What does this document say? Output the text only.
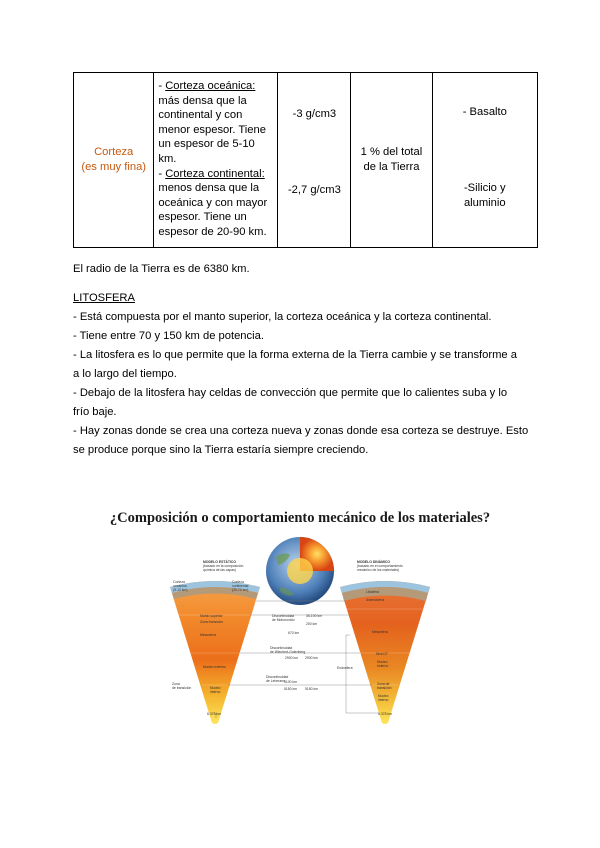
Corteza
(es muy fina)

- Corteza oceánica:
más densa que la
continental y con
menor espesor. Tiene
un espesor de 5-10
km.
- Corteza continental:
menos densa que la
oceánica y con mayor
espesor. Tiene un
espesor de 20-90 km.

-3 g/cm3
-2,7 g/cm3

1 % del total
de la Tierra

- Basalto
-Silicio y
aluminio
El radio de la Tierra es de 6380 km.
LITOSFERA
- Está compuesta por el manto superior, la corteza oceánica y la corteza continental.
- Tiene entre 70 y 150 km de potencia.
- La litosfera es lo que permite que la forma externa de la Tierra cambie y se transforme a
a lo largo del tiempo.
- Debajo de la litosfera hay celdas de convección que permite que lo calientes suba y lo
frío baje.
- Hay zonas donde se crea una corteza nueva y zonas donde esa corteza se destruye. Esto
se produce porque sino la Tierra estaría siempre creciendo.
¿Composición o comportamiento mecánico de los materiales?
MODELO ESTÁTICO
(basado en la composición
química de las capas)
MODELO DINÁMICO
(basado en el comportamiento
mecánico de los materiales)
Corteza
oceánica
(5-10 km)
Corteza
continental
(20-70 km)
Manto superior
Zona transición
Mesosfera
Núcleo externo
Núcleo
interno
Zona
de transición
Litosfera
Astenosfera
Mesosfera
Nivel D''
Núcleo
externo
Zona de
transición
Núcleo
interno
Endosfera
Discontinuidad
de Mohorovicic
35-100 km
200 km
670 km
Discontinuidad
de Wiechert-Gutenberg
2900 km 2900 km
Discontinuidad
de Lehmann 5100 km
5150 km 5150 km
6.378 km	6.378 km
